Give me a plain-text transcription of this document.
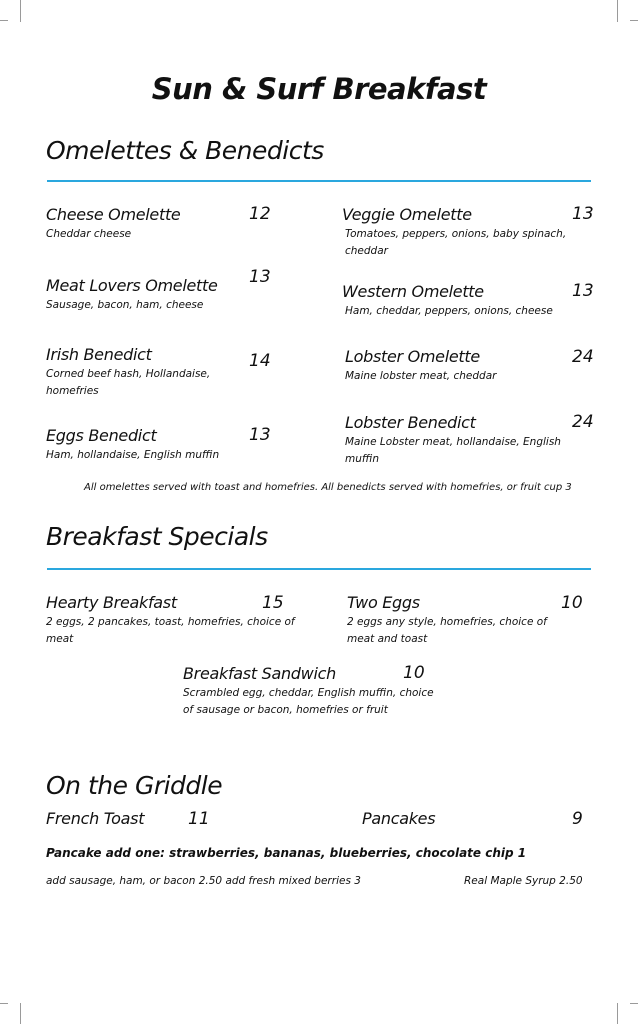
Sun & Surf Breakfast
Omelettes & Benedicts
Cheese Omelette	12
Cheddar cheese
Meat Lovers Omelette 13
Sausage, bacon, ham, cheese
Irish Benedict	14
Corned beef hash, Hollandaise, homefries
Eggs Benedict	13
Ham, hollandaise, English muffin
Veggie Omelette	13
Tomatoes, peppers, onions, baby spinach, cheddar
Western Omelette	13
Ham, cheddar, peppers, onions, cheese
Lobster Omelette	24
Maine lobster meat, cheddar
Lobster Benedict	24
Maine Lobster meat, hollandaise, English muffin
All omelettes served with toast and homefries. All benedicts served with homefries, or fruit cup 3
Breakfast Specials
Hearty Breakfast	15
2 eggs, 2 pancakes, toast, homefries, choice of meat
Two Eggs	10
2 eggs any style, homefries, choice of meat and toast
Breakfast Sandwich	10
Scrambled egg, cheddar, English muffin, choice of sausage or bacon, homefries or fruit
On the Griddle
French Toast	11	Pancakes	9
Pancake add one: strawberries, bananas, blueberries, chocolate chip 1
add sausage, ham, or bacon 2.50 add fresh mixed berries 3	Real Maple Syrup 2.50
